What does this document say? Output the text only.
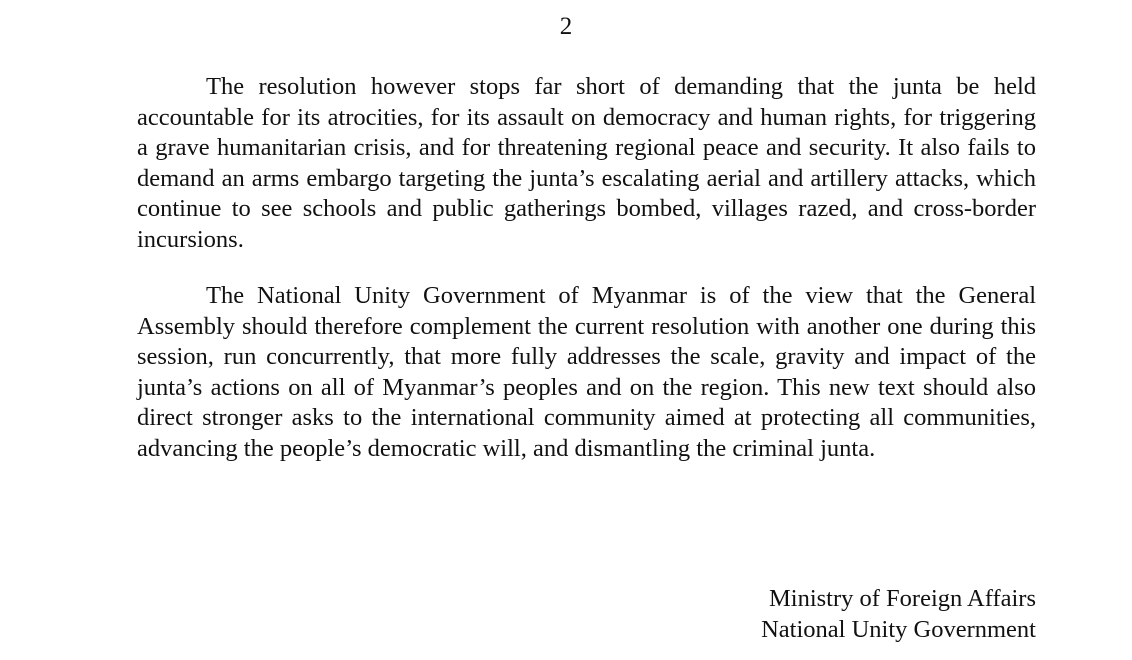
2

The resolution however stops far short of demanding that the junta be held accountable for its atrocities, for its assault on democracy and human rights, for triggering a grave humanitarian crisis, and for threatening regional peace and security. It also fails to demand an arms embargo targeting the junta’s escalating aerial and artillery attacks, which continue to see schools and public gatherings bombed, villages razed, and cross-border incursions.

The National Unity Government of Myanmar is of the view that the General Assembly should therefore complement the current resolution with another one during this session, run concurrently, that more fully addresses the scale, gravity and impact of the junta’s actions on all of Myanmar’s peoples and on the region. This new text should also direct stronger asks to the international community aimed at protecting all communities, advancing the people’s democratic will, and dismantling the criminal junta.

Ministry of Foreign Affairs
National Unity Government
